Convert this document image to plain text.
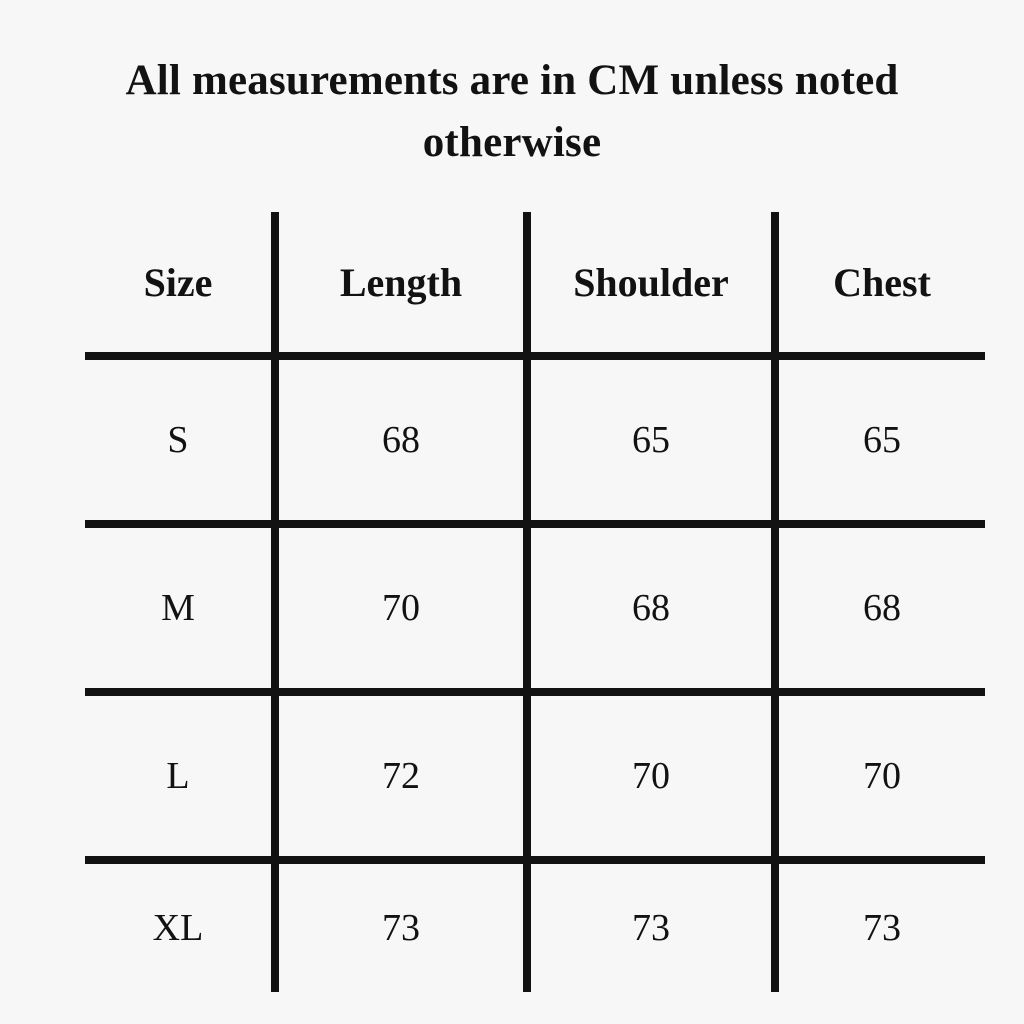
All measurements are in CM unless noted otherwise
Size	Length	Shoulder	Chest
S	68	65	65
M	70	68	68
L	72	70	70
XL	73	73	73
